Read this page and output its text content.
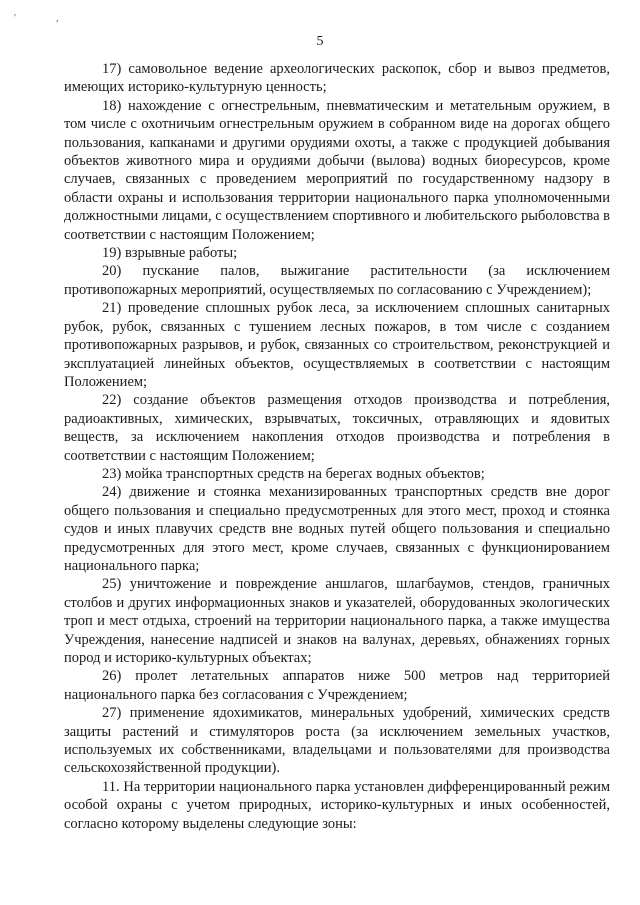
'	,
5

17) самовольное ведение археологических раскопок, сбор и вывоз предметов, имеющих историко-культурную ценность;

18) нахождение с огнестрельным, пневматическим и метательным оружием, в том числе с охотничьим огнестрельным оружием в собранном виде на дорогах общего пользования, капканами и другими орудиями охоты, а также с продукцией добывания объектов животного мира и орудиями добычи (вылова) водных биоресурсов, кроме случаев, связанных с проведением мероприятий по государственному надзору в области охраны и использования территории национального парка уполномоченными должностными лицами, с осуществлением спортивного и любительского рыболовства в соответствии с настоящим Положением;

19) взрывные работы;

20) пускание палов, выжигание растительности (за исключением противопожарных мероприятий, осуществляемых по согласованию с Учреждением);

21) проведение сплошных рубок леса, за исключением сплошных санитарных рубок, рубок, связанных с тушением лесных пожаров, в том числе с созданием противопожарных разрывов, и рубок, связанных со строительством, реконструкцией и эксплуатацией линейных объектов, осуществляемых в соответствии с настоящим Положением;

22) создание объектов размещения отходов производства и потребления, радиоактивных, химических, взрывчатых, токсичных, отравляющих и ядовитых веществ, за исключением накопления отходов производства и потребления в соответствии с настоящим Положением;

23) мойка транспортных средств на берегах водных объектов;

24) движение и стоянка механизированных транспортных средств вне дорог общего пользования и специально предусмотренных для этого мест, проход и стоянка судов и иных плавучих средств вне водных путей общего пользования и специально предусмотренных для этого мест, кроме случаев, связанных с функционированием национального парка;

25) уничтожение и повреждение аншлагов, шлагбаумов, стендов, граничных столбов и других информационных знаков и указателей, оборудованных экологических троп и мест отдыха, строений на территории национального парка, а также имущества Учреждения, нанесение надписей и знаков на валунах, деревьях, обнажениях горных пород и историко-культурных объектах;

26) пролет летательных аппаратов ниже 500 метров над территорией национального парка без согласования с Учреждением;

27) применение ядохимикатов, минеральных удобрений, химических средств защиты растений и стимуляторов роста (за исключением земельных участков, используемых их собственниками, владельцами и пользователями для производства сельскохозяйственной продукции).

11. На территории национального парка установлен дифференцированный режим особой охраны с учетом природных, историко-культурных и иных особенностей, согласно которому выделены следующие зоны:
